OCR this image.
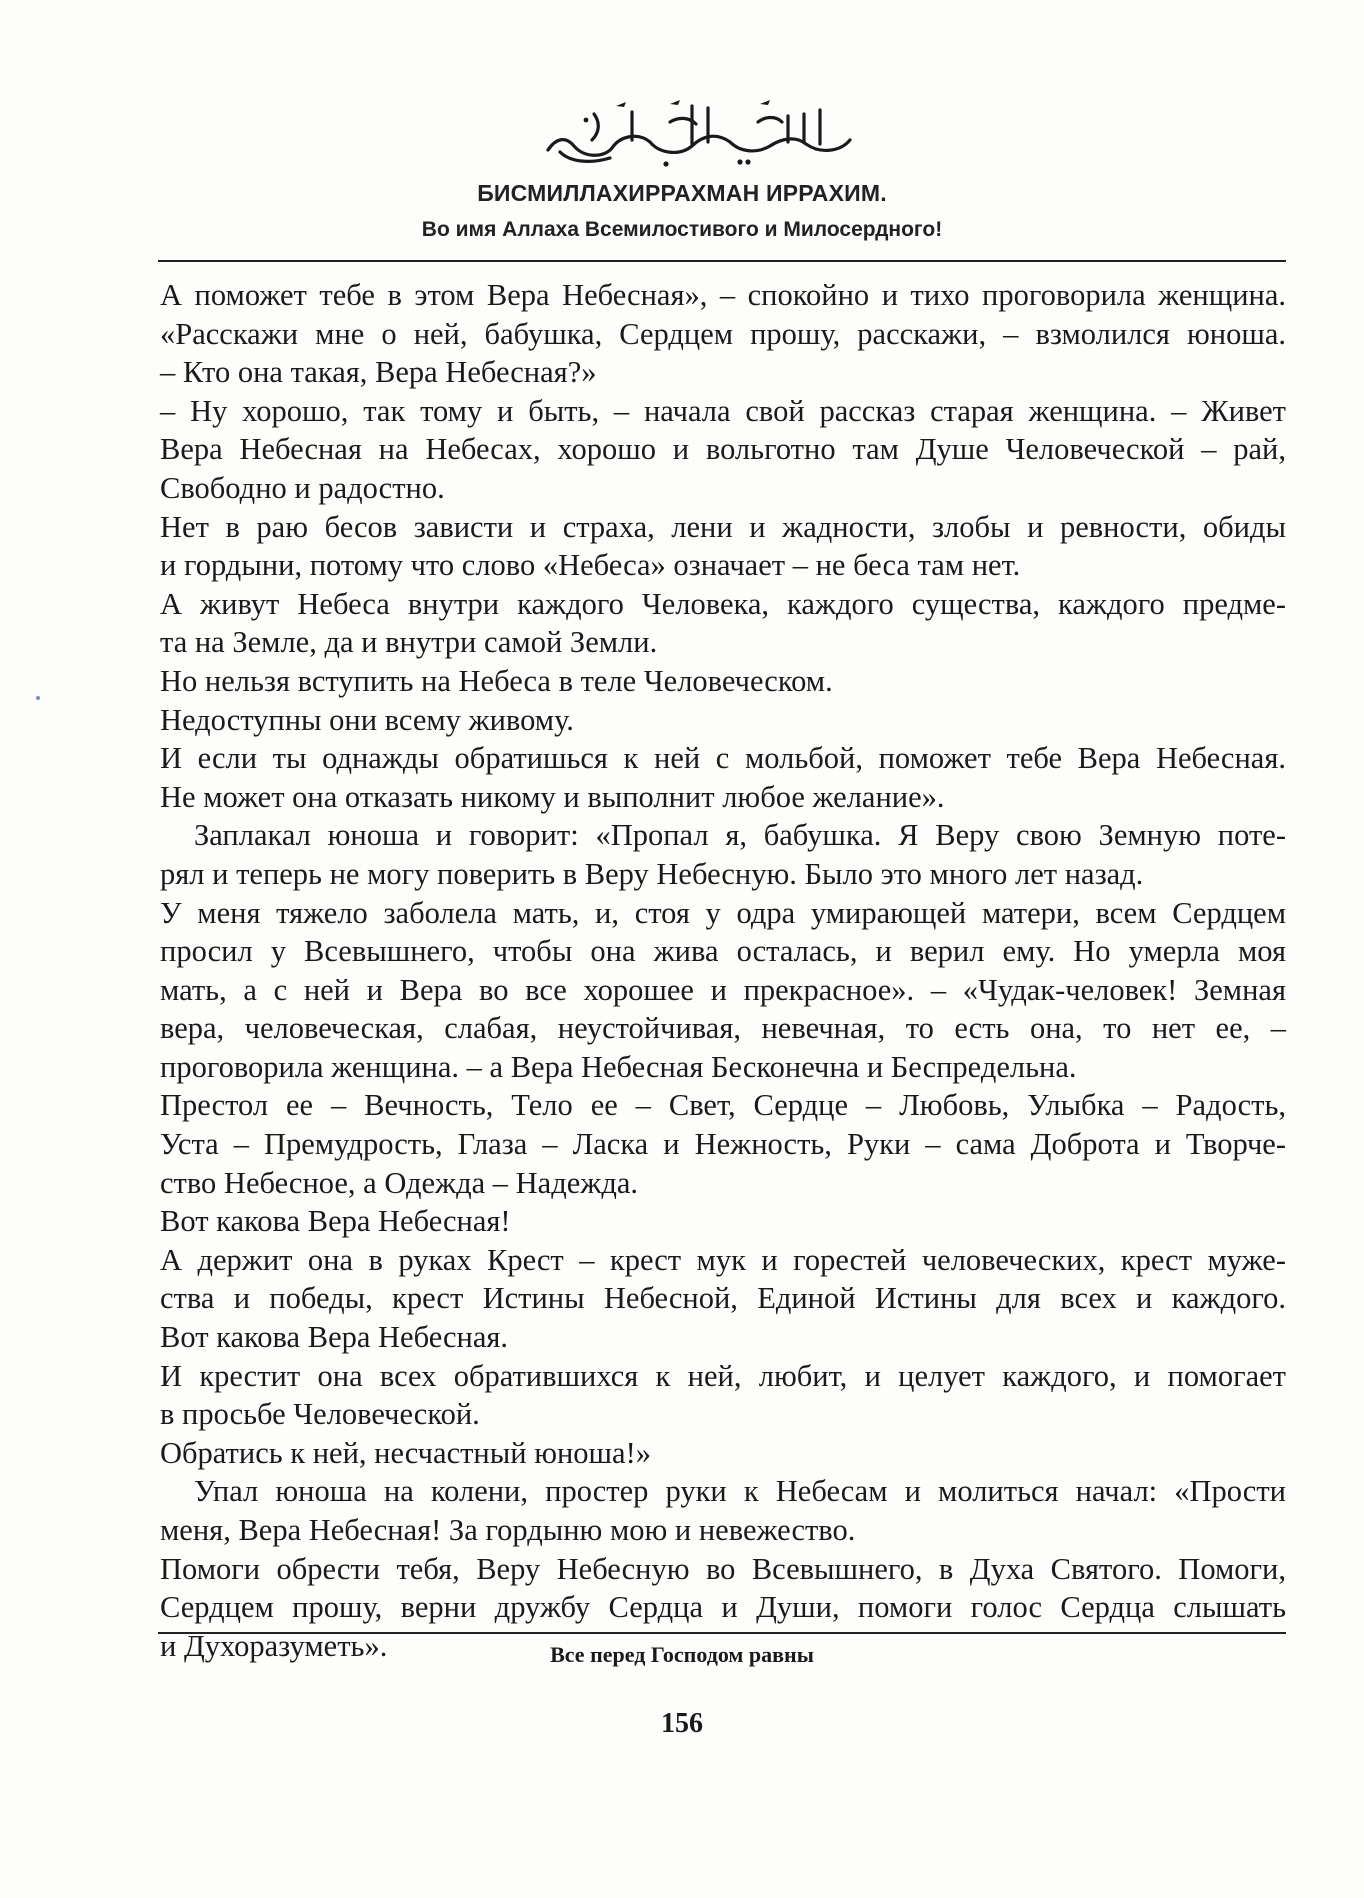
БИСМИЛЛАХИРРАХМАН ИРРАХИМ.
Во имя Аллаха Всемилостивого и Милосердного!
А поможет тебе в этом Вера Небесная», – спокойно и тихо проговорила женщина.
«Расскажи мне о ней, бабушка, Сердцем прошу, расскажи, – взмолился юноша.
– Кто она такая, Вера Небесная?»
– Ну хорошо, так тому и быть, – начала свой рассказ старая женщина. – Живет
Вера Небесная на Небесах, хорошо и вольготно там Душе Человеческой – рай,
Свободно и радостно.
Нет в раю бесов зависти и страха, лени и жадности, злобы и ревности, обиды
и гордыни, потому что слово «Небеса» означает – не беса там нет.
А живут Небеса внутри каждого Человека, каждого существа, каждого предме-
та на Земле, да и внутри самой Земли.
Но нельзя вступить на Небеса в теле Человеческом.
Недоступны они всему живому.
И если ты однажды обратишься к ней с мольбой, поможет тебе Вера Небесная.
Не может она отказать никому и выполнит любое желание».
Заплакал юноша и говорит: «Пропал я, бабушка. Я Веру свою Земную поте-
рял и теперь не могу поверить в Веру Небесную. Было это много лет назад.
У меня тяжело заболела мать, и, стоя у одра умирающей матери, всем Сердцем
просил у Всевышнего, чтобы она жива осталась, и верил ему. Но умерла моя
мать, а с ней и Вера во все хорошее и прекрасное». – «Чудак-человек! Земная
вера, человеческая, слабая, неустойчивая, невечная, то есть она, то нет ее, –
проговорила женщина. – а Вера Небесная Бесконечна и Беспредельна.
Престол ее – Вечность, Тело ее – Свет, Сердце – Любовь, Улыбка – Радость,
Уста – Премудрость, Глаза – Ласка и Нежность, Руки – сама Доброта и Творче-
ство Небесное, а Одежда – Надежда.
Вот какова Вера Небесная!
А держит она в руках Крест – крест мук и горестей человеческих, крест муже-
ства и победы, крест Истины Небесной, Единой Истины для всех и каждого.
Вот какова Вера Небесная.
И крестит она всех обратившихся к ней, любит, и целует каждого, и помогает
в просьбе Человеческой.
Обратись к ней, несчастный юноша!»
Упал юноша на колени, простер руки к Небесам и молиться начал: «Прости
меня, Вера Небесная! За гордыню мою и невежество.
Помоги обрести тебя, Веру Небесную во Всевышнего, в Духа Святого. Помоги,
Сердцем прошу, верни дружбу Сердца и Души, помоги голос Сердца слышать
и Духоразуметь».	Все перед Господом равны
156
